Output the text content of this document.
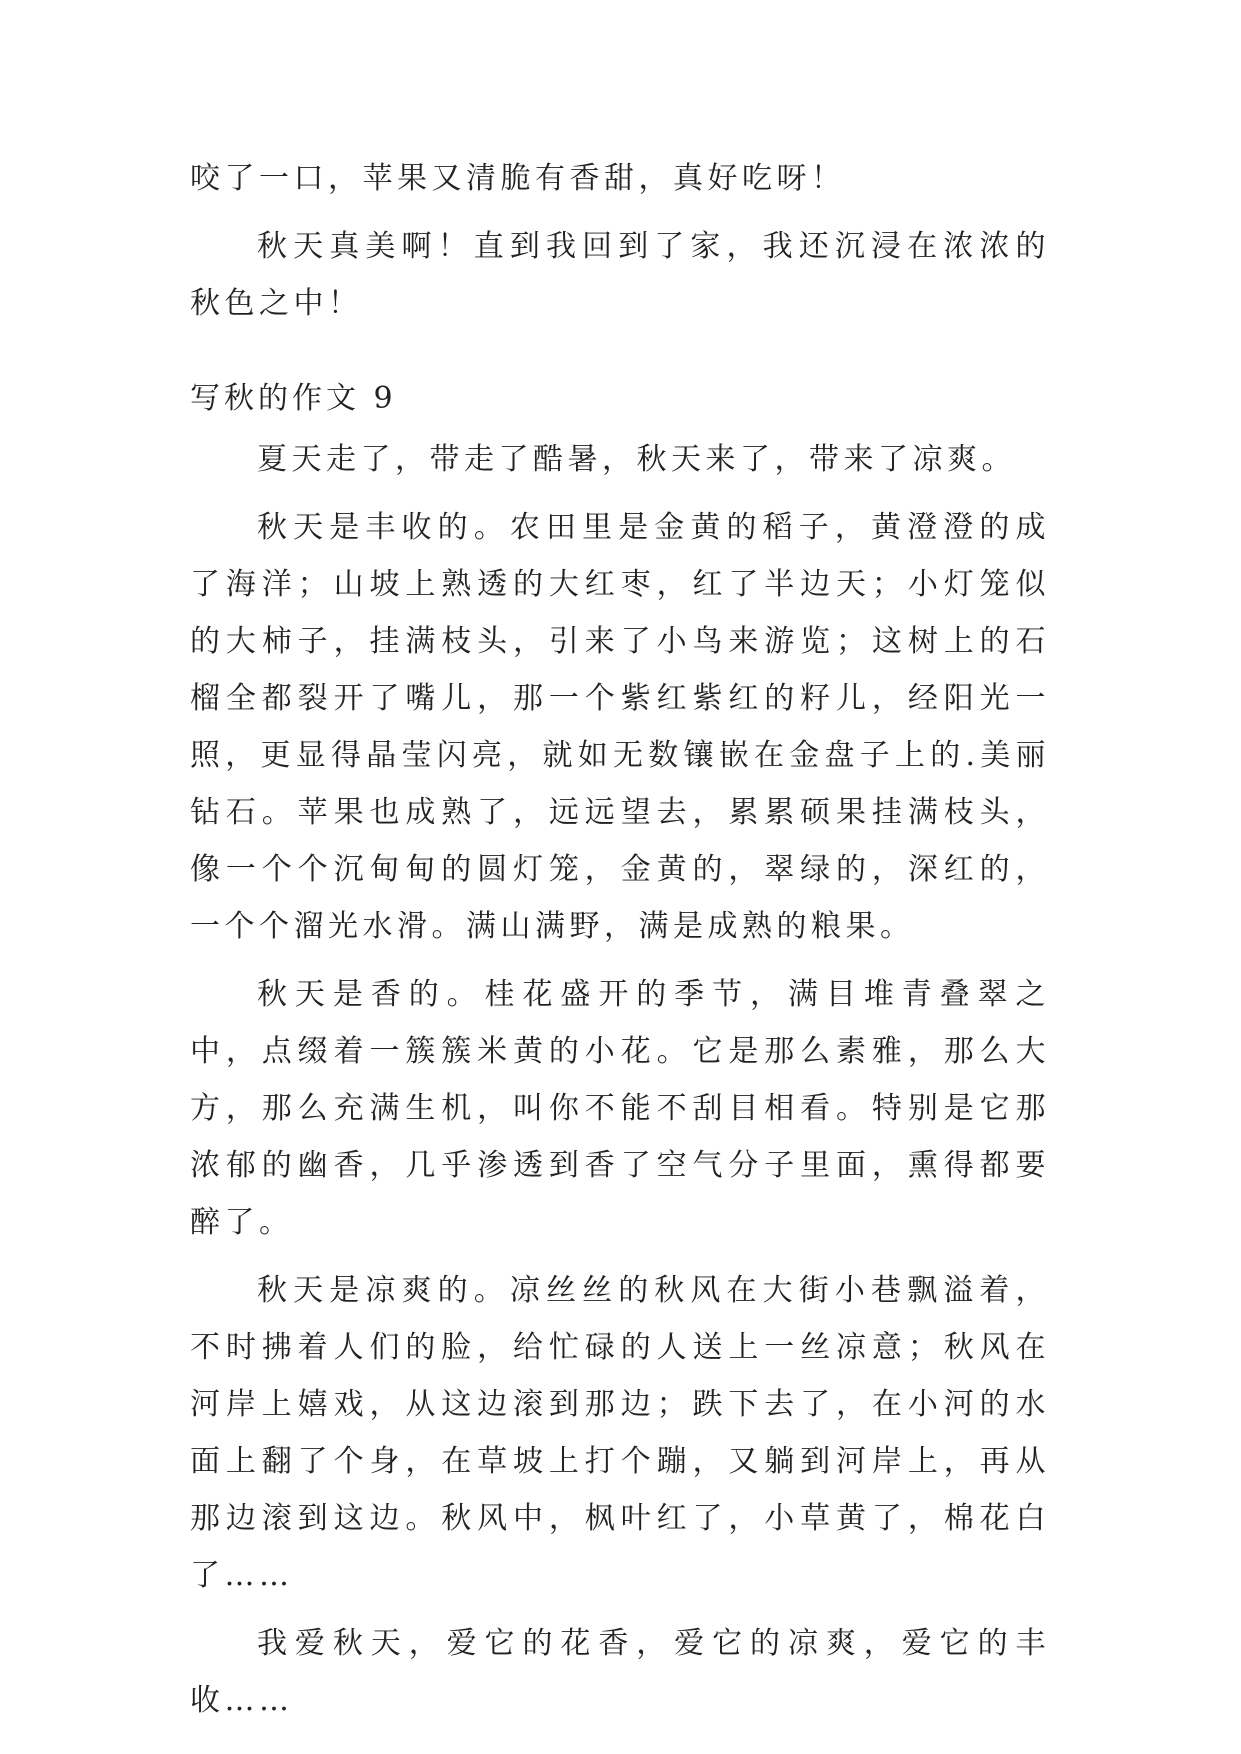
咬了一口，苹果又清脆有香甜，真好吃呀！

秋天真美啊！直到我回到了家，我还沉浸在浓浓的秋色之中！

写秋的作文 9

夏天走了，带走了酷暑，秋天来了，带来了凉爽。

秋天是丰收的。农田里是金黄的稻子，黄澄澄的成了海洋；山坡上熟透的大红枣，红了半边天；小灯笼似的大柿子，挂满枝头，引来了小鸟来游览；这树上的石榴全都裂开了嘴儿，那一个紫红紫红的籽儿，经阳光一照，更显得晶莹闪亮，就如无数镶嵌在金盘子上的.美丽钻石。苹果也成熟了，远远望去，累累硕果挂满枝头，像一个个沉甸甸的圆灯笼，金黄的，翠绿的，深红的，一个个溜光水滑。满山满野，满是成熟的粮果。

秋天是香的。桂花盛开的季节，满目堆青叠翠之中，点缀着一簇簇米黄的小花。它是那么素雅，那么大方，那么充满生机，叫你不能不刮目相看。特别是它那浓郁的幽香，几乎渗透到香了空气分子里面，熏得都要醉了。

秋天是凉爽的。凉丝丝的秋风在大街小巷飘溢着，不时拂着人们的脸，给忙碌的人送上一丝凉意；秋风在河岸上嬉戏，从这边滚到那边；跌下去了，在小河的水面上翻了个身，在草坡上打个蹦，又躺到河岸上，再从那边滚到这边。秋风中，枫叶红了，小草黄了，棉花白了……

我爱秋天，爱它的花香，爱它的凉爽，爱它的丰收……
